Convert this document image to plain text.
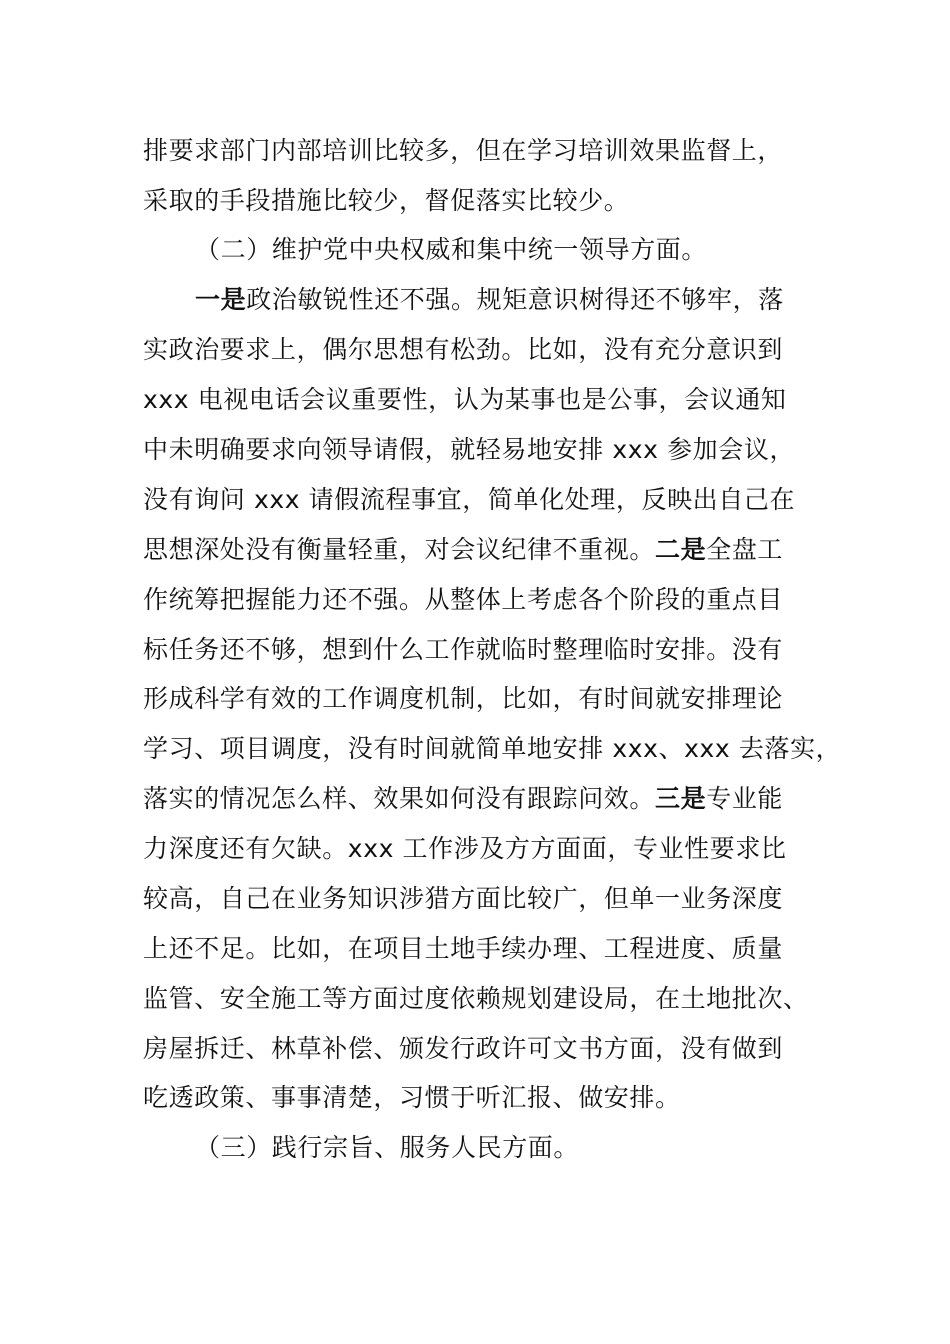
排要求部门内部培训比较多，但在学习培训效果监督上，
采取的手段措施比较少，督促落实比较少。
（二）维护党中央权威和集中统一领导方面。
一是政治敏锐性还不强。规矩意识树得还不够牢，落
实政治要求上，偶尔思想有松劲。比如，没有充分意识到
xxx 电视电话会议重要性，认为某事也是公事，会议通知
中未明确要求向领导请假，就轻易地安排 xxx 参加会议，
没有询问 xxx 请假流程事宜，简单化处理，反映出自己在
思想深处没有衡量轻重，对会议纪律不重视。二是全盘工
作统筹把握能力还不强。从整体上考虑各个阶段的重点目
标任务还不够，想到什么工作就临时整理临时安排。没有
形成科学有效的工作调度机制，比如，有时间就安排理论
学习、项目调度，没有时间就简单地安排 xxx、xxx 去落实，
落实的情况怎么样、效果如何没有跟踪问效。三是专业能
力深度还有欠缺。xxx 工作涉及方方面面，专业性要求比
较高，自己在业务知识涉猎方面比较广，但单一业务深度
上还不足。比如，在项目土地手续办理、工程进度、质量
监管、安全施工等方面过度依赖规划建设局，在土地批次、
房屋拆迁、林草补偿、颁发行政许可文书方面，没有做到
吃透政策、事事清楚，习惯于听汇报、做安排。
（三）践行宗旨、服务人民方面。
